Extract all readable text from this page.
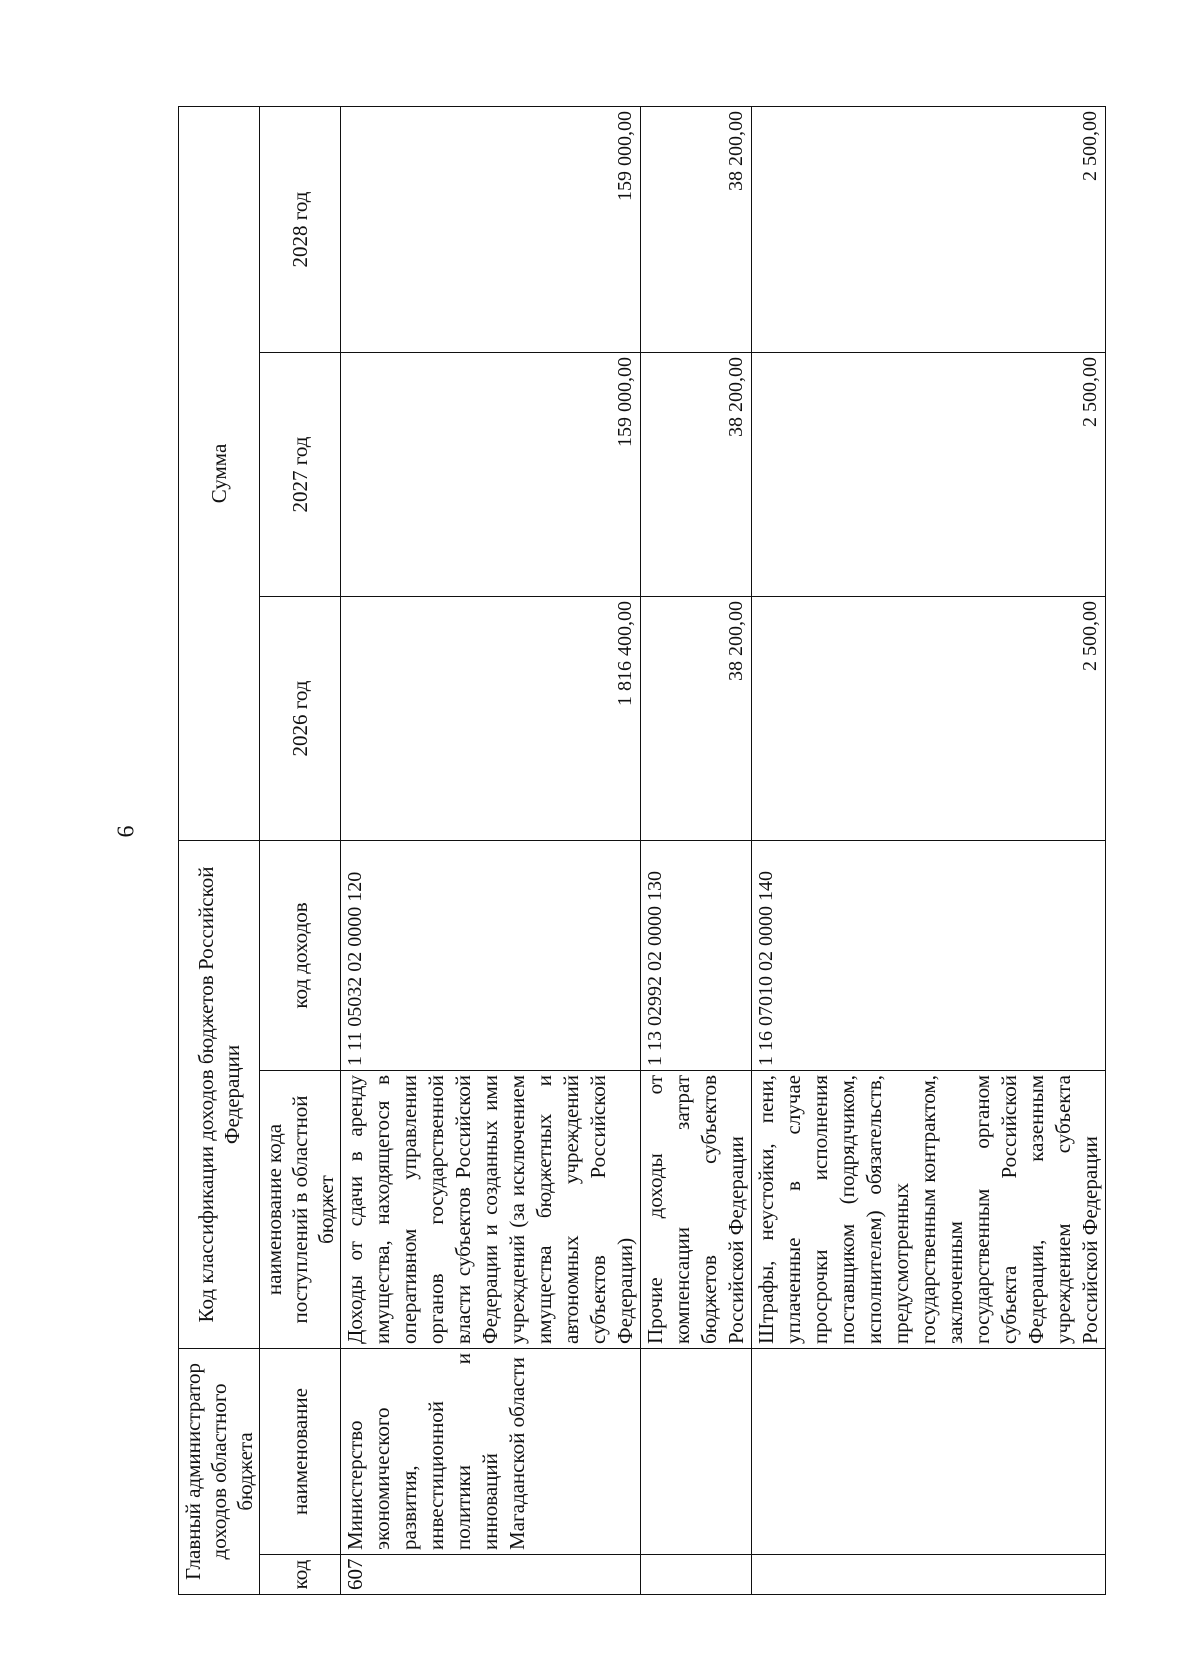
6
Главный администратор доходов областного бюджета		Код классификации доходов бюджетов Российской Федерации		Сумма		
код	наименование	наименование кода поступлений в областной бюджет	код доходов	2026 год	2027 год	2028 год
607	Министерство экономического развития, инвестиционной политики и инноваций Магаданской области	Доходы от сдачи в аренду имущества, находящегося в оперативном управлении органов государственной власти субъектов Российской Федерации и созданных ими учреждений (за исключением имущества бюджетных и автономных учреждений субъектов Российской Федерации)	1 11 05032 02 0000 120	1 816 400,00	159 000,00	159 000,00
		Прочие доходы от компенсации затрат бюджетов субъектов Российской Федерации	1 13 02992 02 0000 130	38 200,00	38 200,00	38 200,00
		Штрафы, неустойки, пени, уплаченные в случае просрочки исполнения поставщиком (подрядчиком, исполнителем) обязательств, предусмотренных государственным контрактом, заключенным государственным органом субъекта Российской Федерации, казенным учреждением субъекта Российской Федерации	1 16 07010 02 0000 140	2 500,00	2 500,00	2 500,00
